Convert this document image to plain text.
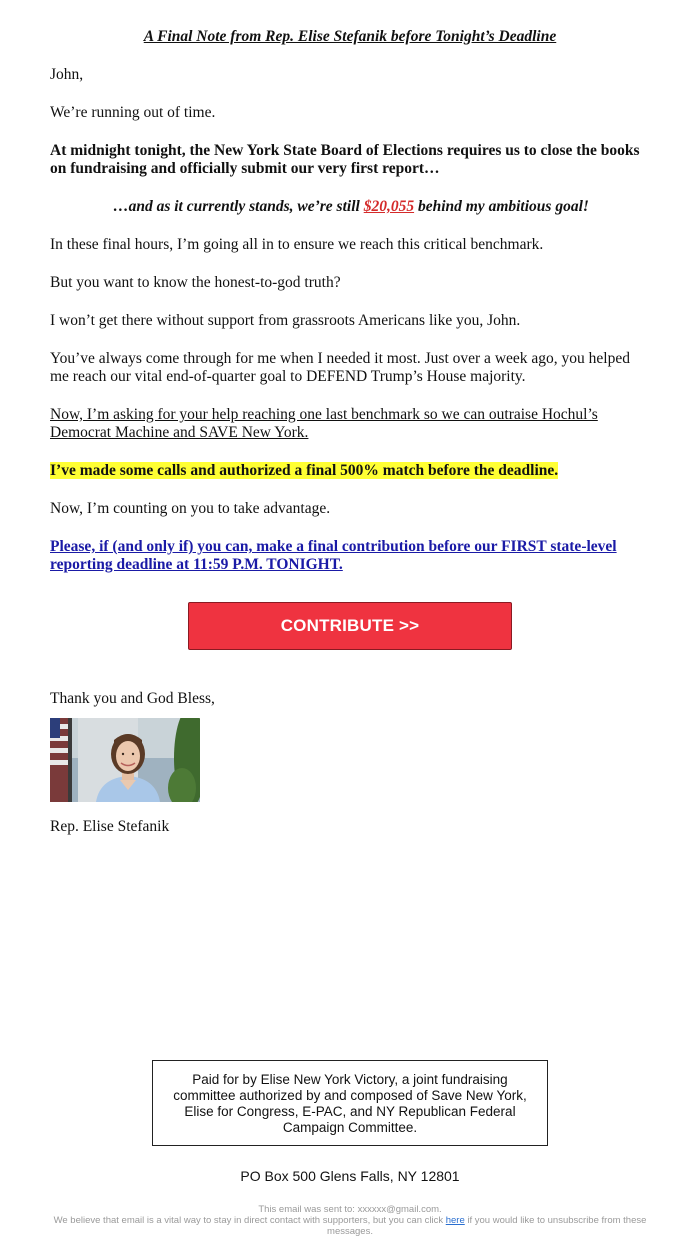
A Final Note from Rep. Elise Stefanik before Tonight’s Deadline

John,

We’re running out of time.

At midnight tonight, the New York State Board of Elections requires us to close the books on fundraising and officially submit our very first report…

…and as it currently stands, we’re still $20,055 behind my ambitious goal!

In these final hours, I’m going all in to ensure we reach this critical benchmark.

But you want to know the honest-to-god truth?

I won’t get there without support from grassroots Americans like you, John.

You’ve always come through for me when I needed it most. Just over a week ago, you helped me reach our vital end-of-quarter goal to DEFEND Trump’s House majority.

Now, I’m asking for your help reaching one last benchmark so we can outraise Hochul’s Democrat Machine and SAVE New York.

I’ve made some calls and authorized a final 500% match before the deadline.

Now, I’m counting on you to take advantage.

Please, if (and only if) you can, make a final contribution before our FIRST state-level reporting deadline at 11:59 P.M. TONIGHT.

Thank you and God Bless,

Rep. Elise Stefanik

CONTRIBUTE >>
Paid for by Elise New York Victory, a joint fundraising committee authorized by and composed of Save New York, Elise for Congress, E-PAC, and NY Republican Federal Campaign Committee.
PO Box 500 Glens Falls, NY 12801
This email was sent to: xxxxxx@gmail.com.
We believe that email is a vital way to stay in direct contact with supporters, but you can click here if you would like to unsubscribe from these messages.
